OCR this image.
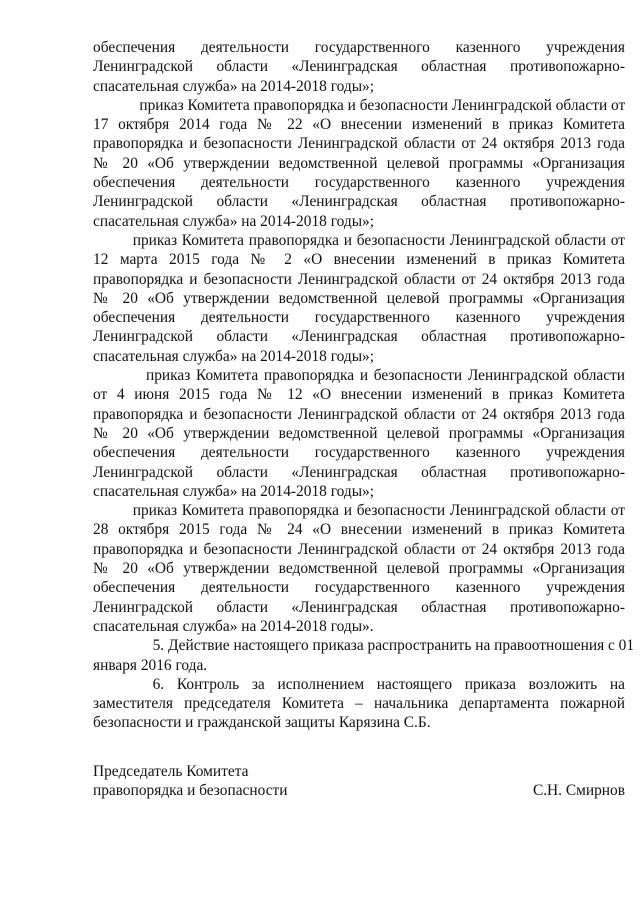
обеспечения деятельности государственного казенного учреждения
Ленинградской области «Ленинградская областная противопожарно-
спасательная служба» на 2014-2018 годы»;
приказ Комитета правопорядка и безопасности Ленинградской области от
17 октября 2014 года № 22 «О внесении изменений в приказ Комитета
правопорядка и безопасности Ленинградской области от 24 октября 2013 года
№ 20 «Об утверждении ведомственной целевой программы «Организация
обеспечения деятельности государственного казенного учреждения
Ленинградской области «Ленинградская областная противопожарно-
спасательная служба» на 2014-2018 годы»;
приказ Комитета правопорядка и безопасности Ленинградской области от
12 марта 2015 года № 2 «О внесении изменений в приказ Комитета
правопорядка и безопасности Ленинградской области от 24 октября 2013 года
№ 20 «Об утверждении ведомственной целевой программы «Организация
обеспечения деятельности государственного казенного учреждения
Ленинградской области «Ленинградская областная противопожарно-
спасательная служба» на 2014-2018 годы»;
приказ Комитета правопорядка и безопасности Ленинградской области
от 4 июня 2015 года № 12 «О внесении изменений в приказ Комитета
правопорядка и безопасности Ленинградской области от 24 октября 2013 года
№ 20 «Об утверждении ведомственной целевой программы «Организация
обеспечения деятельности государственного казенного учреждения
Ленинградской области «Ленинградская областная противопожарно-
спасательная служба» на 2014-2018 годы»;
приказ Комитета правопорядка и безопасности Ленинградской области от
28 октября 2015 года № 24 «О внесении изменений в приказ Комитета
правопорядка и безопасности Ленинградской области от 24 октября 2013 года
№ 20 «Об утверждении ведомственной целевой программы «Организация
обеспечения деятельности государственного казенного учреждения
Ленинградской области «Ленинградская областная противопожарно-
спасательная служба» на 2014-2018 годы».
5. Действие настоящего приказа распространить на правоотношения с 01
января 2016 года.
6. Контроль за исполнением настоящего приказа возложить на
заместителя председателя Комитета – начальника департамента пожарной
безопасности и гражданской защиты Карязина С.Б.
Председатель Комитета
правопорядка и безопасности	С.Н. Смирнов
